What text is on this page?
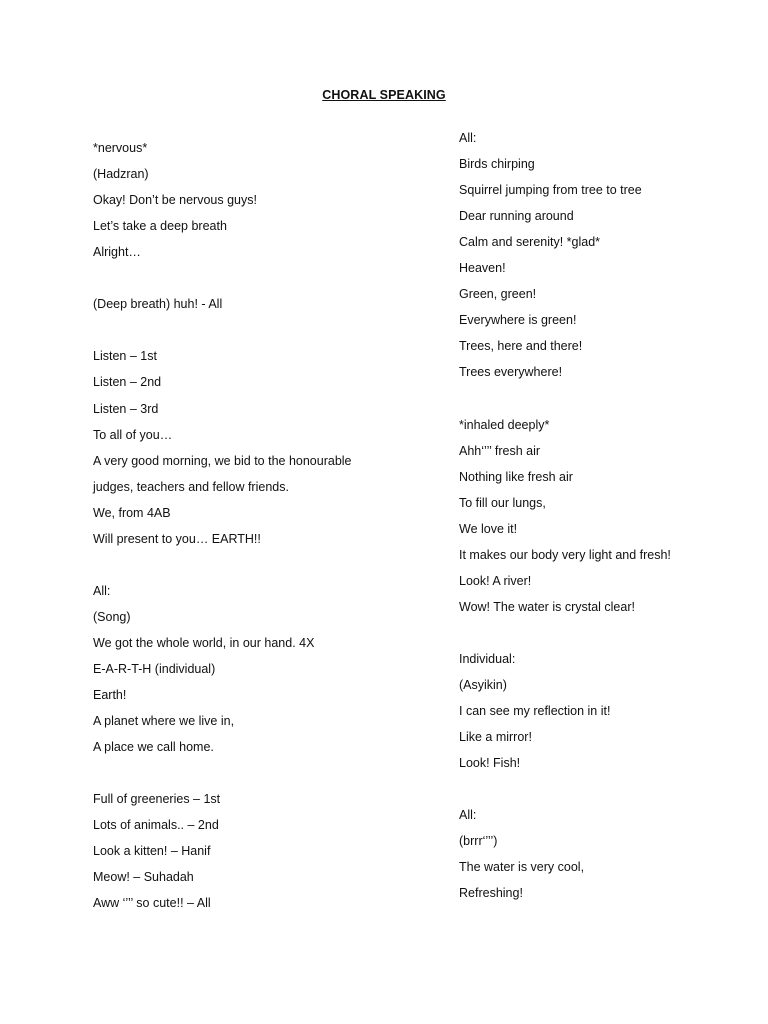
CHORAL SPEAKING
*nervous*
(Hadzran)
Okay! Don’t be nervous guys!
Let’s take a deep breath
Alright…
(Deep breath) huh! - All
Listen – 1st
Listen – 2nd
Listen – 3rd
To all of you…
A very good morning, we bid to the honourable
judges, teachers and fellow friends.
We, from 4AB
Will present to you… EARTH!!
All:
(Song)
We got the whole world, in our hand. 4X
E-A-R-T-H (individual)
Earth!
A planet where we live in,
A place we call home.
Full of greeneries – 1st
Lots of animals.. – 2nd
Look a kitten! – Hanif
Meow! – Suhadah
Aww ‘’’’ so cute!! – All
All:
Birds chirping
Squirrel jumping from tree to tree
Dear running around
Calm and serenity! *glad*
Heaven!
Green, green!
Everywhere is green!
Trees, here and there!
Trees everywhere!
*inhaled deeply*
Ahh‘’’’ fresh air
Nothing like fresh air
To fill our lungs,
We love it!
It makes our body very light and fresh!
Look! A river!
Wow! The water is crystal clear!
Individual:
(Asyikin)
I can see my reflection in it!
Like a mirror!
Look! Fish!
All:
(brrr‘’’’)
The water is very cool,
Refreshing!
